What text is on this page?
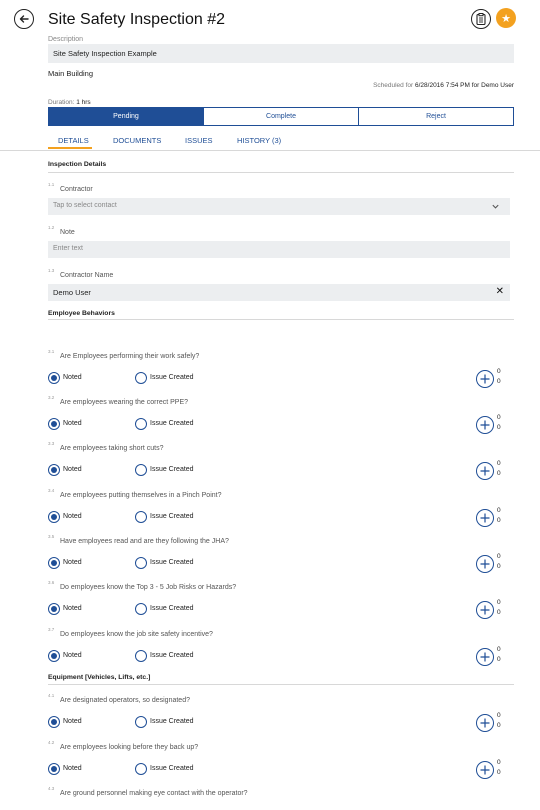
Site Safety Inspection #2	★
Description
Site Safety Inspection Example
Main Building
Scheduled for 6/28/2016 7:54 PM for Demo User
Duration: 1 hrs
Pending	Complete	Reject
DETAILS	DOCUMENTS	ISSUES	HISTORY (3)
Inspection Details
1.1
Contractor
Tap to select contact
1.2
Note
Enter text
1.3
Contractor Name
Demo User	✕
Employee Behaviors
3.1
Are Employees performing their work safely?
Noted	Issue Created
0
0
3.2
Are employees wearing the correct PPE?
Noted	Issue Created
0
0
3.3
Are employees taking short cuts?
Noted	Issue Created
0
0
3.4
Are employees putting themselves in a Pinch Point?
Noted	Issue Created
0
0
3.5
Have employees read and are they following the JHA?
Noted	Issue Created
0
0
3.6
Do employees know the Top 3 - 5 Job Risks or Hazards?
Noted	Issue Created
0
0
3.7
Do employees know the job site safety incentive?
Noted	Issue Created
0
0
4.1
Are designated operators, so designated?
Noted	Issue Created
0
0
4.2
Are employees looking before they back up?
Noted	Issue Created
0
0
4.3
Are ground personnel making eye contact with the operator?
Equipment [Vehicles, Lifts, etc.]
